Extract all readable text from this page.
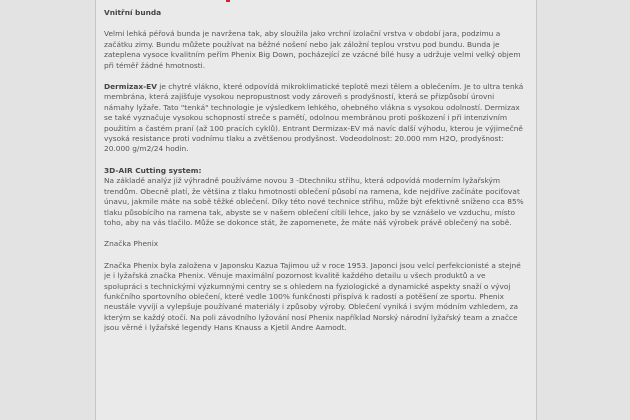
Vnitřní bunda
Velmi lehká péřová bunda je navržena tak, aby sloužila jako vrchní izolační vrstva v období jara, podzimu a začátku zimy. Bundu můžete používat na běžné nošení nebo jak záložní teplou vrstvu pod bundu. Bunda je zateplena vysoce kvalitním peřím Phenix Big Down, pocházející ze vzácné bílé husy a udržuje velmi velký objem při téměř žádné hmotnosti.
Dermizax-EV je chytré vlákno, které odpovídá mikroklimatické teplotě mezi tělem a oblečením. Je to ultra tenká membrána, která zajišťuje vysokou nepropustnost vody zároveň s prodyšností, která se přizpůsobí úrovni námahy lyžaře. Tato "tenká" technologie je výsledkem lehkého, ohebného vlákna s vysokou odolností. Dermizax se také vyznačuje vysokou schopností strečе s pamětí, odolnou membránou proti poškození i při intenzivním použitím a častém praní (až 100 pracích cyklů). Entrant Dermizax-EV má navíc další výhodu, kterou je výjimečně vysoká resistance proti vodnímu tlaku a zvětšenou prodyšnost. Vodeodolnost: 20.000 mm H2O, prodyšnost: 20.000 g/m2/24 hodin.
3D-AIR Cutting system:
Na základě analýz již výhradně používáme novou 3 -Dtechniku střihu, která odpovídá moderním lyžařským trendům. Obecně platí, že většina z tlaku hmotnosti oblečení působí na ramena, kde nejdříve začínáte pociťovat únavu, jakmile máte na sobě těžké oblečení. Díky této nové technice střihu, může být efektivně sníženo cca 85% tlaku působícího na ramena tak, abyste se v našem oblečení cítili lehce, jako by se vznášelo ve vzduchu, místo toho, aby na vás tlačilo. Může se dokonce stát, že zapomenete, že máte náš výrobek právě oblečený na sobě.
Značka Phenix
Značka Phenix byla založena v Japonsku Kazua Tajimou už v roce 1953. Japonci jsou velcí perfekcionisté a stejné je i lyžařská značka Phenix. Věnuje maximální pozornost kvalitě každého detailu u všech produktů a ve spolupráci s technickými výzkumnými centry se s ohledem na fyziologické a dynamické aspekty snaží o vývoj funkčního sportovního oblečení, které vedle 100% funkčnosti přispívá k radosti a potěšení ze sportu. Phenix neustále vyvíjí a vylepšuje používané materiály i způsoby výroby. Oblečení vyniká i svým módním vzhledem, za kterým se každý otočí. Na poli závodního lyžování nosí Phenix například Norský národní lyžařský team a značce jsou věrné i lyžařské legendy Hans Knauss a Kjetil Andre Aamodt.
